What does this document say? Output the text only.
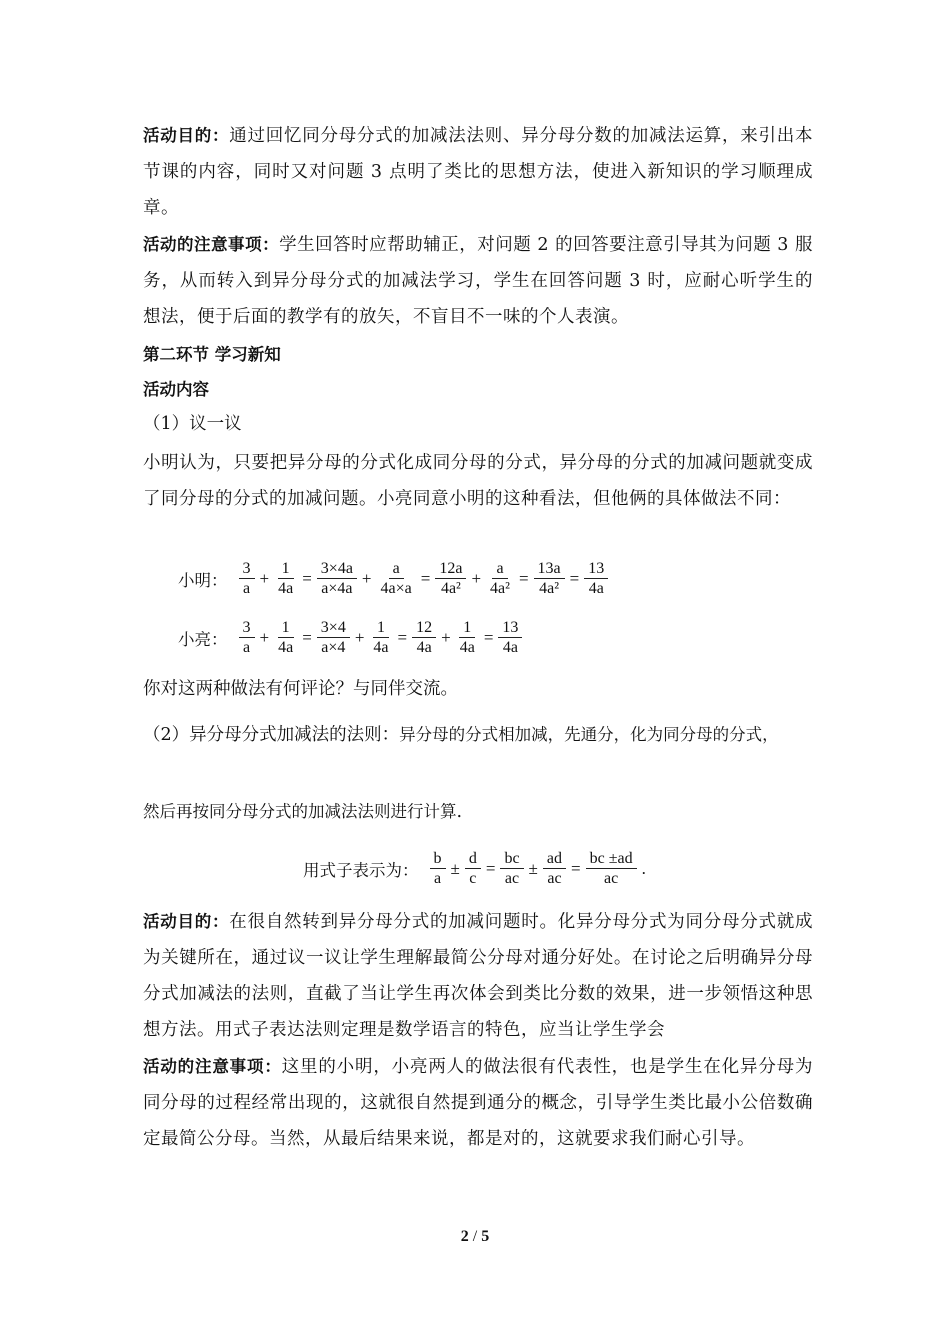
活动目的：通过回忆同分母分式的加减法法则、异分母分数的加减法运算，来引出本节课的内容，同时又对问题 3 点明了类比的思想方法，使进入新知识的学习顺理成章。
活动的注意事项：学生回答时应帮助辅正，对问题 2 的回答要注意引导其为问题 3 服务，从而转入到异分母分式的加减法学习，学生在回答问题 3 时，应耐心听学生的想法，便于后面的教学有的放矢，不盲目不一味的个人表演。
第二环节 学习新知
活动内容
（1）议一议
小明认为，只要把异分母的分式化成同分母的分式，异分母的分式的加减问题就变成了同分母的分式的加减问题。小亮同意小明的这种看法，但他俩的具体做法不同：
小明： $\frac{3}{a} + \frac{1}{4a} = \frac{3\times 4a}{a\times 4a} + \frac{a}{4a\times a} = \frac{12a}{\text{4a²}} + \frac{a}{\text{4a²}} = \frac{13a}{\text{4a²}} = \frac{13}{4a}$
小亮： $\frac{3}{a} + \frac{1}{4a} = \frac{3\times 4}{a\times 4} + \frac{1}{4a} = \frac{12}{4a} + \frac{1}{4a} = \frac{13}{4a}$
你对这两种做法有何评论？与同伴交流。
（2）异分母分式加减法的法则：异分母的分式相加减，先通分，化为同分母的分式，
然后再按同分母分式的加减法法则进行计算.
用式子表示为： $\frac{b}{a} \pm \frac{d}{c} = \frac{bc}{ac} \pm \frac{ad}{ac} = \frac{bc \pm ad}{ac}$ .
活动目的：在很自然转到异分母分式的加减问题时。化异分母分式为同分母分式就成为关键所在，通过议一议让学生理解最简公分母对通分好处。在讨论之后明确异分母分式加减法的法则，直截了当让学生再次体会到类比分数的效果，进一步领悟这种思想方法。用式子表达法则定理是数学语言的特色，应当让学生学会
活动的注意事项：这里的小明，小亮两人的做法很有代表性，也是学生在化异分母为同分母的过程经常出现的，这就很自然提到通分的概念，引导学生类比最小公倍数确定最简公分母。当然，从最后结果来说，都是对的，这就要求我们耐心引导。
2 / 5
